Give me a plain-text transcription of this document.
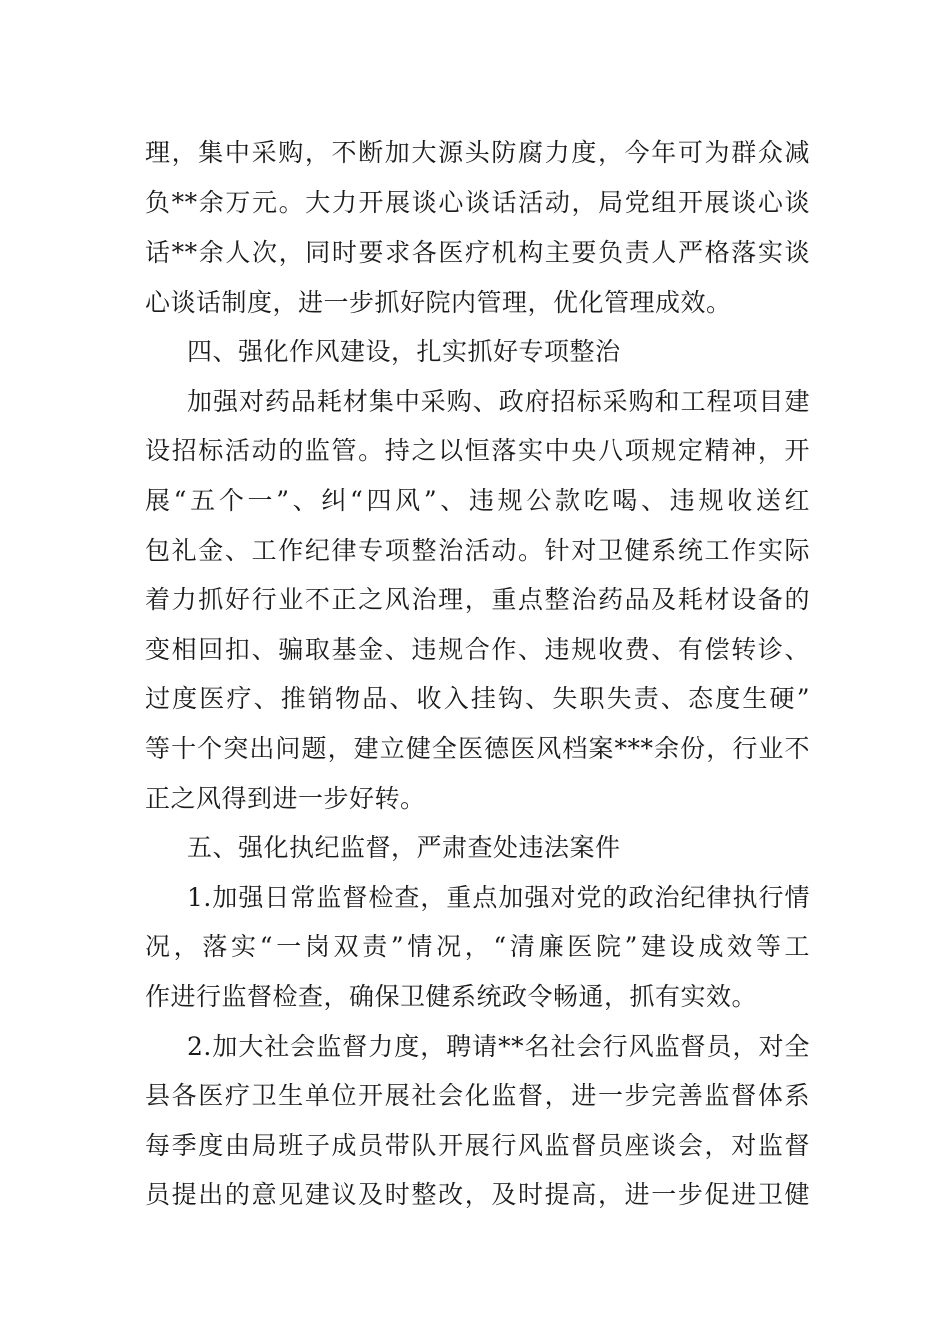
理，集中采购，不断加大源头防腐力度，今年可为群众减
负**余万元。大力开展谈心谈话活动，局党组开展谈心谈
话**余人次，同时要求各医疗机构主要负责人严格落实谈
心谈话制度，进一步抓好院内管理，优化管理成效。
四、强化作风建设，扎实抓好专项整治
加强对药品耗材集中采购、政府招标采购和工程项目建
设招标活动的监管。持之以恒落实中央八项规定精神，开
展“五个一”、纠“四风”、违规公款吃喝、违规收送红
包礼金、工作纪律专项整治活动。针对卫健系统工作实际
着力抓好行业不正之风治理，重点整治药品及耗材设备的
变相回扣、骗取基金、违规合作、违规收费、有偿转诊、
过度医疗、推销物品、收入挂钩、失职失责、态度生硬”
等十个突出问题，建立健全医德医风档案***余份，行业不
正之风得到进一步好转。
五、强化执纪监督，严肃查处违法案件
1.加强日常监督检查，重点加强对党的政治纪律执行情
况，落实“一岗双责”情况，“清廉医院”建设成效等工
作进行监督检查，确保卫健系统政令畅通，抓有实效。
2.加大社会监督力度，聘请**名社会行风监督员，对全
县各医疗卫生单位开展社会化监督，进一步完善监督体系
每季度由局班子成员带队开展行风监督员座谈会，对监督
员提出的意见建议及时整改，及时提高，进一步促进卫健
